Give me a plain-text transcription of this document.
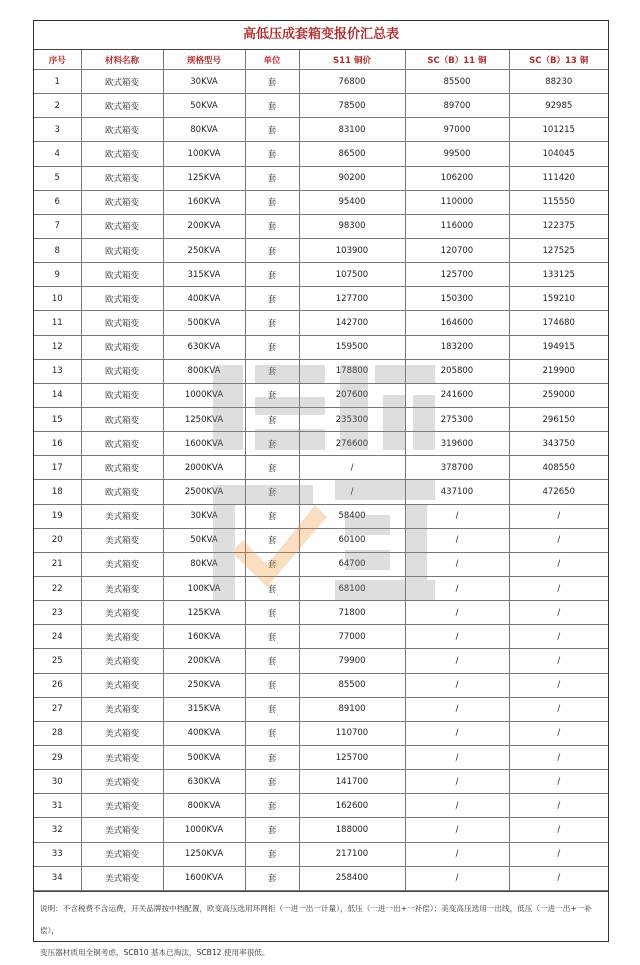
高低压成套箱变报价汇总表
序号	材料名称	规格型号	单位	S11 铜价	SC（B）11 铜	SC（B）13 铜
1	欧式箱变	30KVA	套	76800	85500	88230
2	欧式箱变	50KVA	套	78500	89700	92985
3	欧式箱变	80KVA	套	83100	97000	101215
4	欧式箱变	100KVA	套	86500	99500	104045
5	欧式箱变	125KVA	套	90200	106200	111420
6	欧式箱变	160KVA	套	95400	110000	115550
7	欧式箱变	200KVA	套	98300	116000	122375
8	欧式箱变	250KVA	套	103900	120700	127525
9	欧式箱变	315KVA	套	107500	125700	133125
10	欧式箱变	400KVA	套	127700	150300	159210
11	欧式箱变	500KVA	套	142700	164600	174680
12	欧式箱变	630KVA	套	159500	183200	194915
13	欧式箱变	800KVA	套	178800	205800	219900
14	欧式箱变	1000KVA	套	207600	241600	259000
15	欧式箱变	1250KVA	套	235300	275300	296150
16	欧式箱变	1600KVA	套	276600	319600	343750
17	欧式箱变	2000KVA	套	/	378700	408550
18	欧式箱变	2500KVA	套	/	437100	472650
19	美式箱变	30KVA	套	58400	/	/
20	美式箱变	50KVA	套	60100	/	/
21	美式箱变	80KVA	套	64700	/	/
22	美式箱变	100KVA	套	68100	/	/
23	美式箱变	125KVA	套	71800	/	/
24	美式箱变	160KVA	套	77000	/	/
25	美式箱变	200KVA	套	79900	/	/
26	美式箱变	250KVA	套	85500	/	/
27	美式箱变	315KVA	套	89100	/	/
28	美式箱变	400KVA	套	110700	/	/
29	美式箱变	500KVA	套	125700	/	/
30	美式箱变	630KVA	套	141700	/	/
31	美式箱变	800KVA	套	162600	/	/
32	美式箱变	1000KVA	套	188000	/	/
33	美式箱变	1250KVA	套	217100	/	/
34	美式箱变	1600KVA	套	258400	/	/
说明：不含税费不含运费，开关品牌按中档配置，欧变高压选用环网柜（一进一出一计量），低压（一进一出+一补偿）；美变高压选用一出线，低压（一进一出+一补偿），
变压器材质用全铜考虑，SCB10 基本已淘汰，SCB12 使用率很低。
